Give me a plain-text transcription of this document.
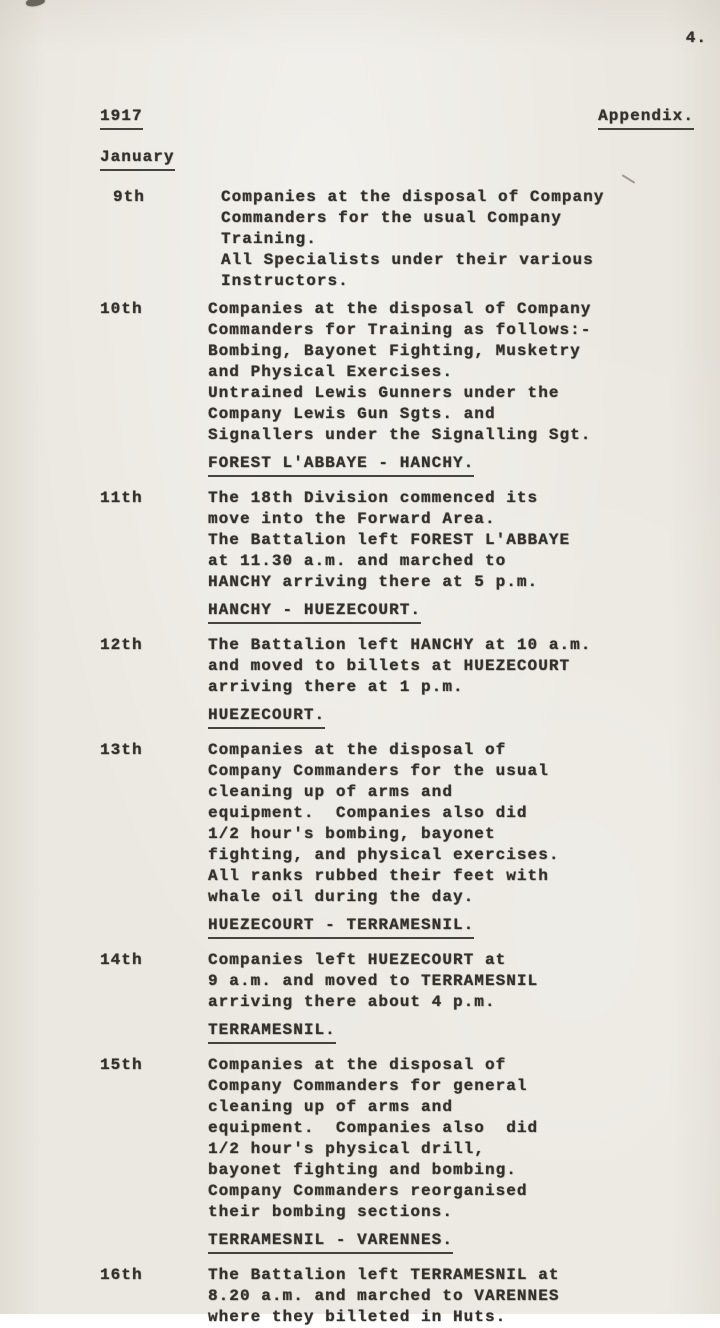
4.
1917	Appendix.
January
9th	Companies at the disposal of Company
Commanders for the usual Company
Training.
All Specialists under their various
Instructors.
10th	Companies at the disposal of Company
Commanders for Training as follows:-
Bombing, Bayonet Fighting, Musketry
and Physical Exercises.
Untrained Lewis Gunners under the
Company Lewis Gun Sgts. and
Signallers under the Signalling Sgt.
FOREST L'ABBAYE - HANCHY.
11th	The 18th Division commenced its
move into the Forward Area.
The Battalion left FOREST L'ABBAYE
at 11.30 a.m. and marched to
HANCHY arriving there at 5 p.m.
HANCHY - HUEZECOURT.
12th	The Battalion left HANCHY at 10 a.m.
and moved to billets at HUEZECOURT
arriving there at 1 p.m.
HUEZECOURT.
13th	Companies at the disposal of
Company Commanders for the usual
cleaning up of arms and
equipment.  Companies also did
1/2 hour's bombing, bayonet
fighting, and physical exercises.
All ranks rubbed their feet with
whale oil during the day.
HUEZECOURT - TERRAMESNIL.
14th	Companies left HUEZECOURT at
9 a.m. and moved to TERRAMESNIL
arriving there about 4 p.m.
TERRAMESNIL.
15th	Companies at the disposal of
Company Commanders for general
cleaning up of arms and
equipment.  Companies also  did
1/2 hour's physical drill,
bayonet fighting and bombing.
Company Commanders reorganised
their bombing sections.
TERRAMESNIL - VARENNES.
16th	The Battalion left TERRAMESNIL at
8.20 a.m. and marched to VARENNES
where they billeted in Huts.
